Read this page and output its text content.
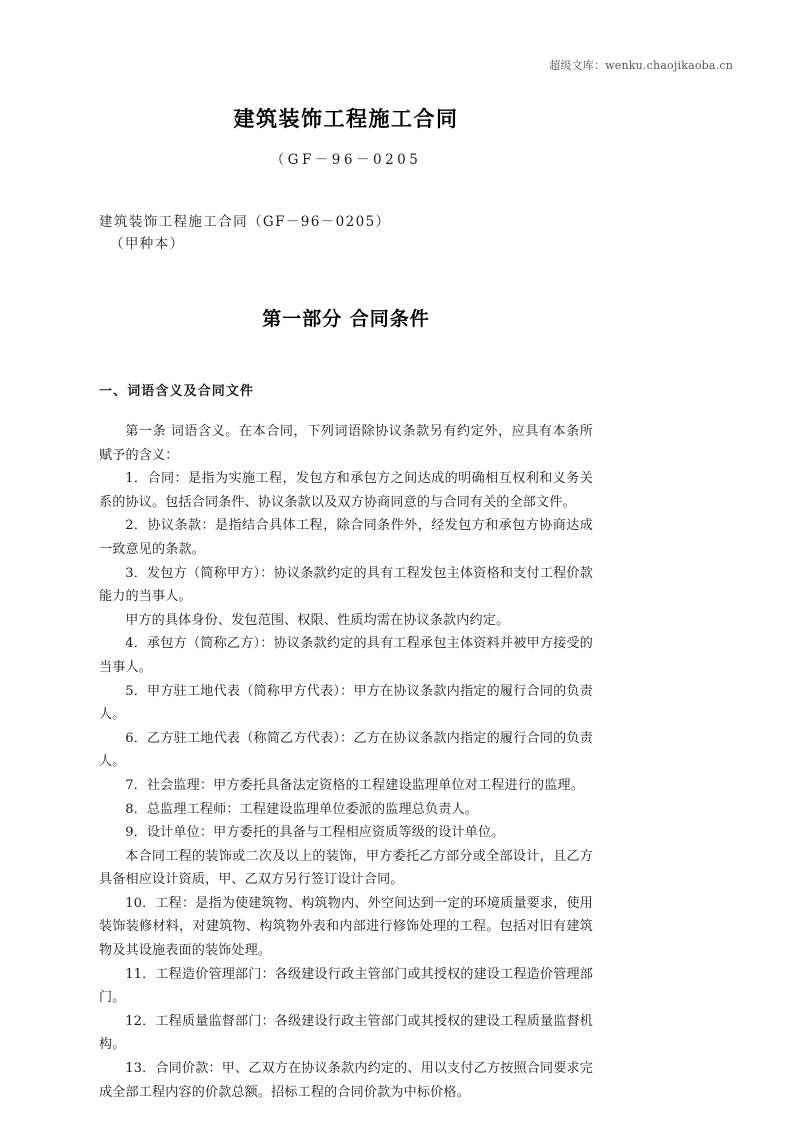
超级文库：wenku.chaojikaoba.cn
建筑装饰工程施工合同
（GF－96－0205
建筑装饰工程施工合同（GF－96－0205）
（甲种本）
第一部分 合同条件
一、词语含义及合同文件

第一条 词语含义。在本合同，下列词语除协议条款另有约定外，应具有本条所赋予的含义：

1．合同：是指为实施工程，发包方和承包方之间达成的明确相互权利和义务关系的协议。包括合同条件、协议条款以及双方协商同意的与合同有关的全部文件。

2．协议条款：是指结合具体工程，除合同条件外，经发包方和承包方协商达成一致意见的条款。

3．发包方（简称甲方）：协议条款约定的具有工程发包主体资格和支付工程价款能力的当事人。

甲方的具体身份、发包范围、权限、性质均需在协议条款内约定。

4．承包方（简称乙方）：协议条款约定的具有工程承包主体资料并被甲方接受的当事人。

5．甲方驻工地代表（简称甲方代表）：甲方在协议条款内指定的履行合同的负责人。

6．乙方驻工地代表（称简乙方代表）：乙方在协议条款内指定的履行合同的负责人。

7．社会监理：甲方委托具备法定资格的工程建设监理单位对工程进行的监理。

8．总监理工程师：工程建设监理单位委派的监理总负责人。

9．设计单位：甲方委托的具备与工程相应资质等级的设计单位。

本合同工程的装饰或二次及以上的装饰，甲方委托乙方部分或全部设计，且乙方具备相应设计资质，甲、乙双方另行签订设计合同。

10．工程：是指为使建筑物、构筑物内、外空间达到一定的环境质量要求，使用装饰装修材料，对建筑物、构筑物外表和内部进行修饰处理的工程。包括对旧有建筑物及其设施表面的装饰处理。

11．工程造价管理部门：各级建设行政主管部门或其授权的建设工程造价管理部门。

12．工程质量监督部门：各级建设行政主管部门或其授权的建设工程质量监督机构。

13．合同价款：甲、乙双方在协议条款内约定的、用以支付乙方按照合同要求完成全部工程内容的价款总额。招标工程的合同价款为中标价格。
